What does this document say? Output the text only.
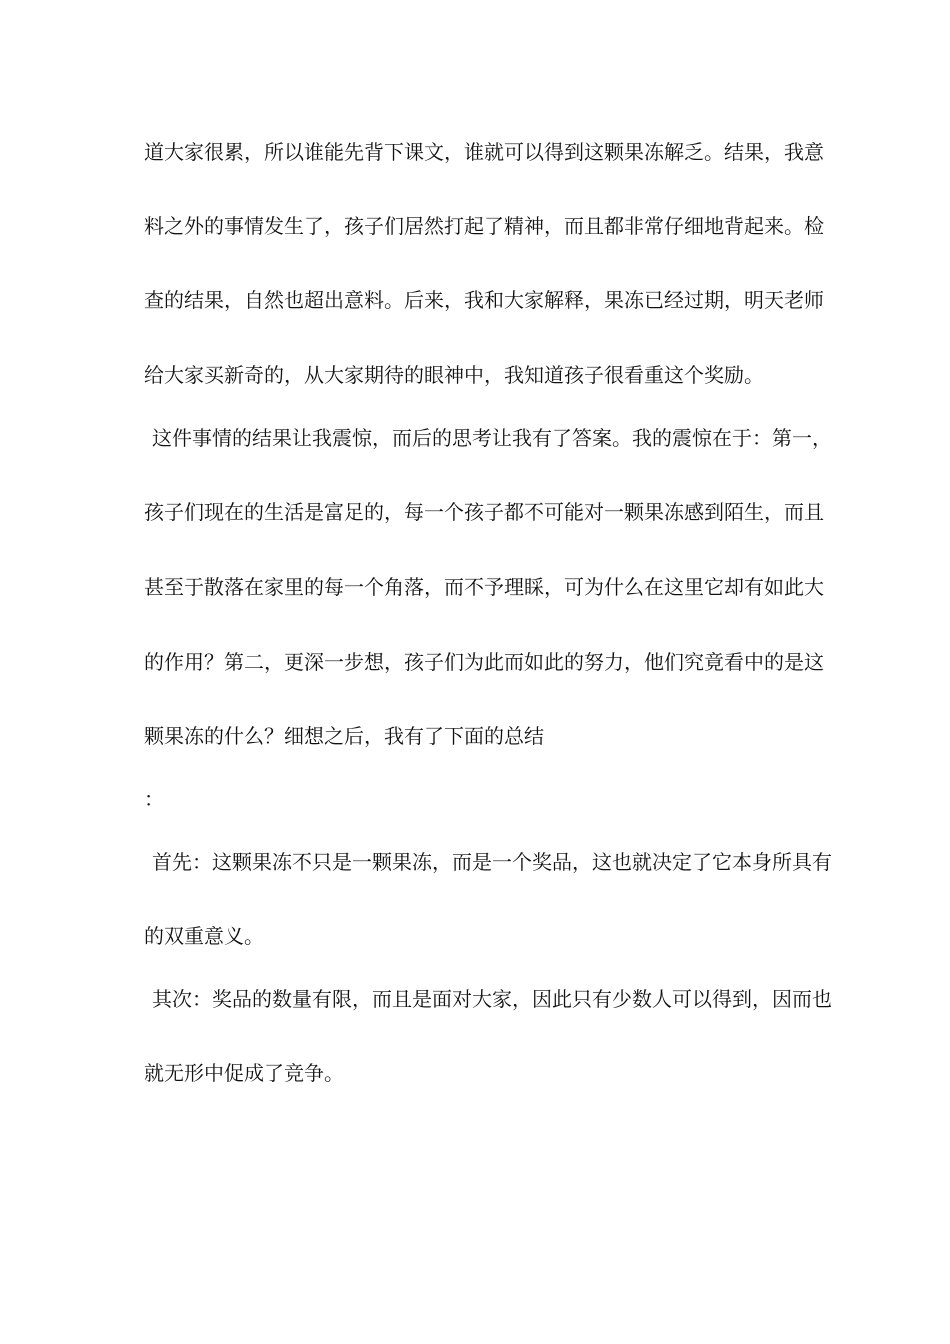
道大家很累，所以谁能先背下课文，谁就可以得到这颗果冻解乏。结果，我意
料之外的事情发生了，孩子们居然打起了精神，而且都非常仔细地背起来。检
查的结果，自然也超出意料。后来，我和大家解释，果冻已经过期，明天老师
给大家买新奇的，从大家期待的眼神中，我知道孩子很看重这个奖励。
这件事情的结果让我震惊，而后的思考让我有了答案。我的震惊在于：第一，
孩子们现在的生活是富足的，每一个孩子都不可能对一颗果冻感到陌生，而且
甚至于散落在家里的每一个角落，而不予理睬，可为什么在这里它却有如此大
的作用？第二，更深一步想，孩子们为此而如此的努力，他们究竟看中的是这
颗果冻的什么？细想之后，我有了下面的总结
：
首先：这颗果冻不只是一颗果冻，而是一个奖品，这也就决定了它本身所具有
的双重意义。
其次：奖品的数量有限，而且是面对大家，因此只有少数人可以得到，因而也
就无形中促成了竞争。
